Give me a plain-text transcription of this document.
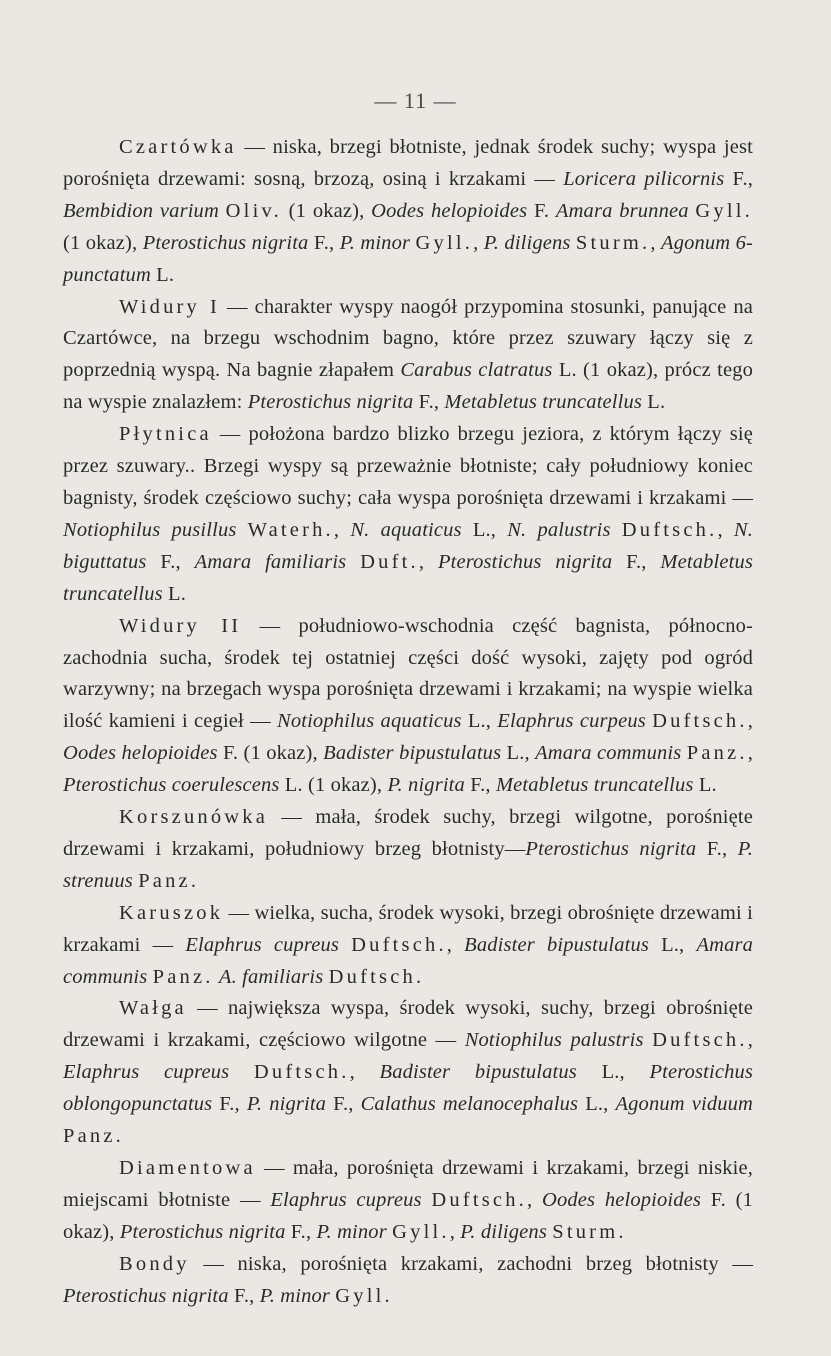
— 11 —

Czartówka — niska, brzegi błotniste, jednak środek suchy; wyspa jest porośnięta drzewami: sosną, brzozą, osiną i krzakami — Loricera pilicornis F., Bembidion varium Oliv. (1 okaz), Oodes helopioides F. Amara brunnea Gyll. (1 okaz), Pterostichus nigrita F., P. minor Gyll., P. diligens Sturm., Agonum 6-punctatum L.

Widury I — charakter wyspy naogół przypomina stosunki, panujące na Czartówce, na brzegu wschodnim bagno, które przez szuwary łączy się z poprzednią wyspą. Na bagnie złapałem Carabus clatratus L. (1 okaz), prócz tego na wyspie znalazłem: Pterostichus nigrita F., Metabletus truncatellus L.

Płytnica — położona bardzo blizko brzegu jeziora, z którym łączy się przez szuwary.. Brzegi wyspy są przeważnie błotniste; cały południowy koniec bagnisty, środek częściowo suchy; cała wyspa porośnięta drzewami i krzakami — Notiophilus pusillus Waterh., N. aquaticus L., N. palustris Duftsch., N. biguttatus F., Amara familiaris Duft., Pterostichus nigrita F., Metabletus truncatellus L.

Widury II — południowo-wschodnia część bagnista, północno-zachodnia sucha, środek tej ostatniej części dość wysoki, zajęty pod ogród warzywny; na brzegach wyspa porośnięta drzewami i krzakami; na wyspie wielka ilość kamieni i cegieł — Notiophilus aquaticus L., Elaphrus curpeus Duftsch., Oodes helopioides F. (1 okaz), Badister bipustulatus L., Amara communis Panz., Pterostichus coerulescens L. (1 okaz), P. nigrita F., Metabletus truncatellus L.

Korszunówka — mała, środek suchy, brzegi wilgotne, porośnięte drzewami i krzakami, południowy brzeg błotnisty—Pterostichus nigrita F., P. strenuus Panz.

Karuszok — wielka, sucha, środek wysoki, brzegi obrośnięte drzewami i krzakami — Elaphrus cupreus Duftsch., Badister bipustulatus L., Amara communis Panz. A. familiaris Duftsch.

Wałga — największa wyspa, środek wysoki, suchy, brzegi obrośnięte drzewami i krzakami, częściowo wilgotne — Notiophilus palustris Duftsch., Elaphrus cupreus Duftsch., Badister bipustulatus L., Pterostichus oblongopunctatus F., P. nigrita F., Calathus melanocephalus L., Agonum viduum Panz.

Diamentowa — mała, porośnięta drzewami i krzakami, brzegi niskie, miejscami błotniste — Elaphrus cupreus Duftsch., Oodes helopioides F. (1 okaz), Pterostichus nigrita F., P. minor Gyll., P. diligens Sturm.

Bondy — niska, porośnięta krzakami, zachodni brzeg błotnisty — Pterostichus nigrita F., P. minor Gyll.
